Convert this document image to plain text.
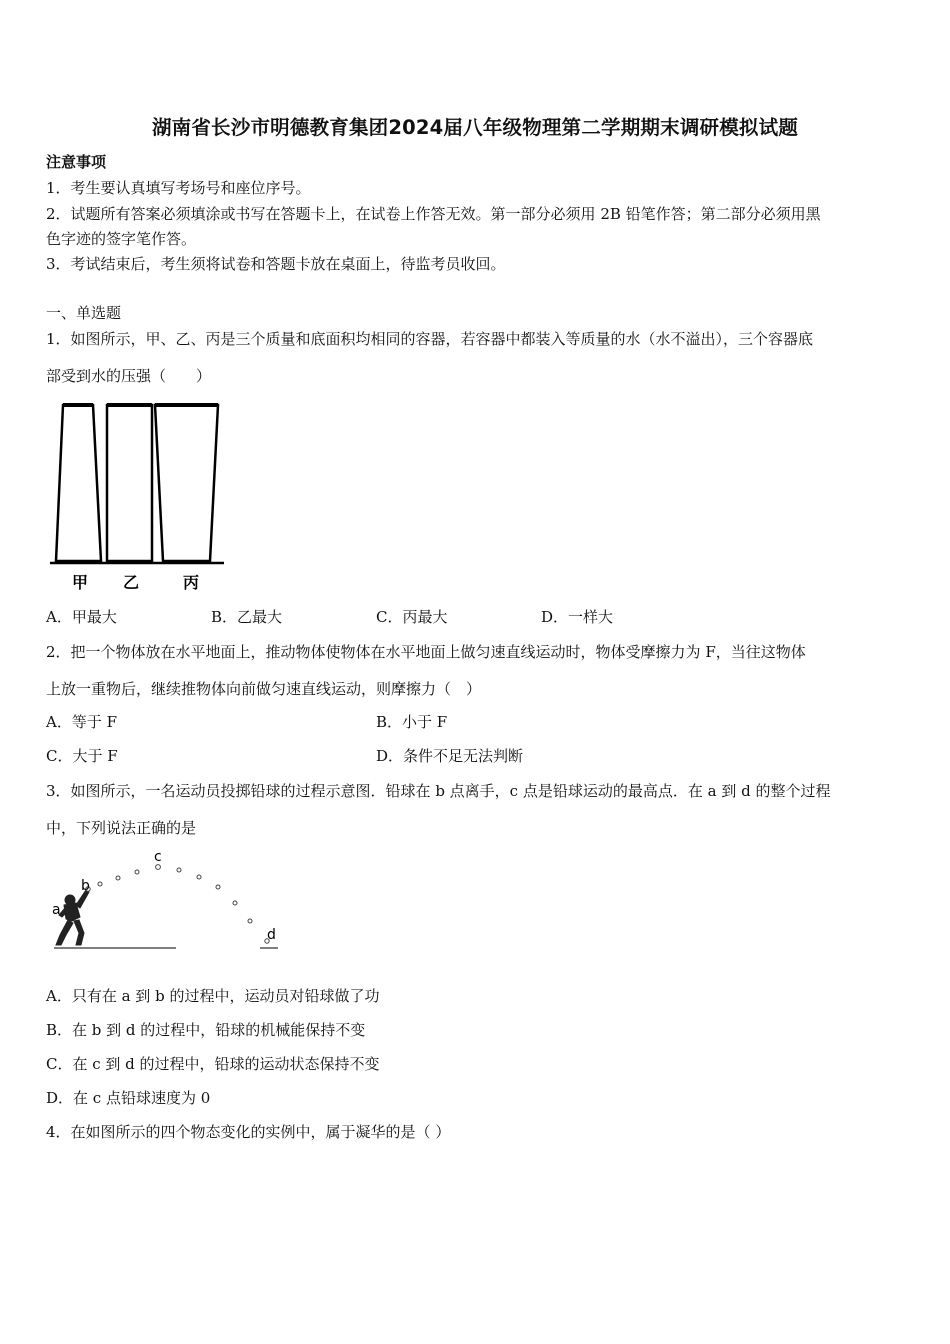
湖南省长沙市明德教育集团2024届八年级物理第二学期期末调研模拟试题
注意事项
1．考生要认真填写考场号和座位序号。
2．试题所有答案必须填涂或书写在答题卡上，在试卷上作答无效。第一部分必须用 2B 铅笔作答；第二部分必须用黑
色字迹的签字笔作答。
3．考试结束后，考生须将试卷和答题卡放在桌面上，待监考员收回。
一、单选题
1．如图所示，甲、乙、丙是三个质量和底面积均相同的容器，若容器中都装入等质量的水（水不溢出），三个容器底
部受到水的压强（　　）
甲 乙	丙
A．甲最大	B．乙最大	C．丙最大	D．一样大
2．把一个物体放在水平地面上，推动物体使物体在水平地面上做匀速直线运动时，物体受摩擦力为 F，当往这物体
上放一重物后，继续推物体向前做匀速直线运动，则摩擦力（　）
A．等于 F	B．小于 F
C．大于 F	D．条件不足无法判断
3．如图所示，一名运动员投掷铅球的过程示意图．铅球在 b 点离手，c 点是铅球运动的最高点．在 a 到 d 的整个过程
中，下列说法正确的是
a
b
c
d
A．只有在 a 到 b 的过程中，运动员对铅球做了功
B．在 b 到 d 的过程中，铅球的机械能保持不变
C．在 c 到 d 的过程中，铅球的运动状态保持不变
D．在 c 点铅球速度为 0
4．在如图所示的四个物态变化的实例中，属于凝华的是（ ）
